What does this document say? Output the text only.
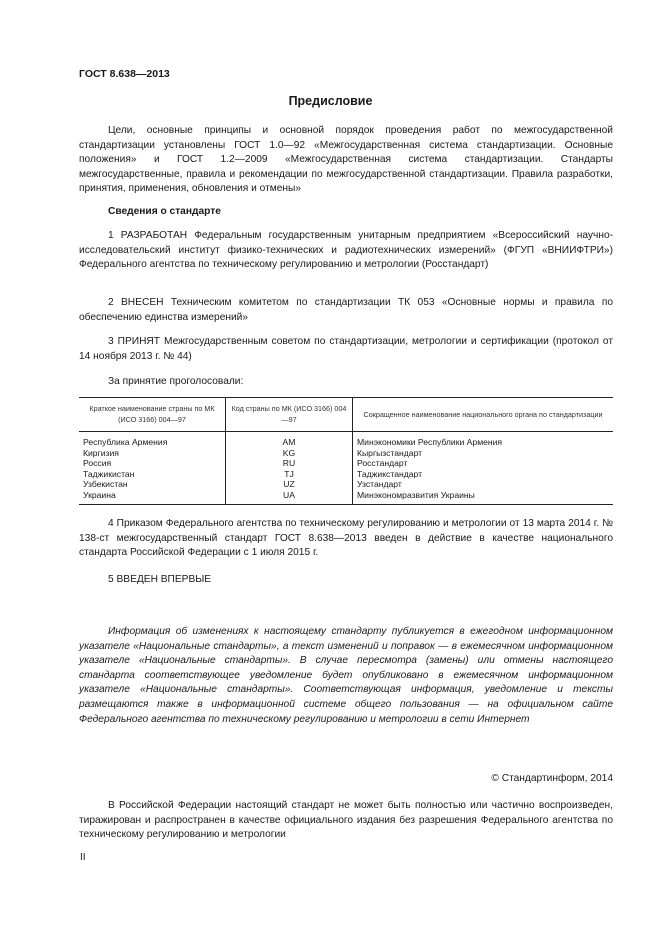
ГОСТ 8.638—2013
Предисловие

Цели, основные принципы и основной порядок проведения работ по межгосударственной стандартизации установлены ГОСТ 1.0—92 «Межгосударственная система стандартизации. Основные положения» и ГОСТ 1.2—2009 «Межгосударственная система стандартизации. Стандарты межгосударственные, правила и рекомендации по межгосударственной стандартизации. Правила разработки, принятия, применения, обновления и отмены»

Сведения о стандарте

1 РАЗРАБОТАН Федеральным государственным унитарным предприятием «Всероссийский научно-исследовательский институт физико-технических и радиотехнических измерений» (ФГУП «ВНИИФТРИ») Федерального агентства по техническому регулированию и метрологии (Росстандарт)

2 ВНЕСЕН Техническим комитетом по стандартизации ТК 053 «Основные нормы и правила по обеспечению единства измерений»

3 ПРИНЯТ Межгосударственным советом по стандартизации, метрологии и сертификации (протокол от 14 ноября 2013 г. № 44)

За принятие проголосовали:
Краткое наименование страны по МК (ИСО 3166) 004—97	Код страны по МК (ИСО 3166) 004—97	Сокращенное наименование национального органа по стандартизации
Республика Армения	AM	Минэкономики Республики Армения
Киргизия	KG	Кыргызстандарт
Россия	RU	Росстандарт
Таджикистан	TJ	Таджикстандарт
Узбекистан	UZ	Узстандарт
Украина	UA	Минэкономразвития Украины

4 Приказом Федерального агентства по техническому регулированию и метрологии от 13 марта 2014 г. № 138-ст межгосударственный стандарт ГОСТ 8.638—2013 введен в действие в качестве национального стандарта Российской Федерации с 1 июля 2015 г.

5 ВВЕДЕН ВПЕРВЫЕ

Информация об изменениях к настоящему стандарту публикуется в ежегодном информационном указателе «Национальные стандарты», а текст изменений и поправок — в ежемесячном информационном указателе «Национальные стандарты». В случае пересмотра (замены) или отмены настоящего стандарта соответствующее уведомление будет опубликовано в ежемесячном информационном указателе «Национальные стандарты». Соответствующая информация, уведомление и тексты размещаются также в информационной системе общего пользования — на официальном сайте Федерального агентства по техническому регулированию и метрологии в сети Интернет

© Стандартинформ, 2014

В Российской Федерации настоящий стандарт не может быть полностью или частично воспроизведен, тиражирован и распространен в качестве официального издания без разрешения Федерального агентства по техническому регулированию и метрологии

II
